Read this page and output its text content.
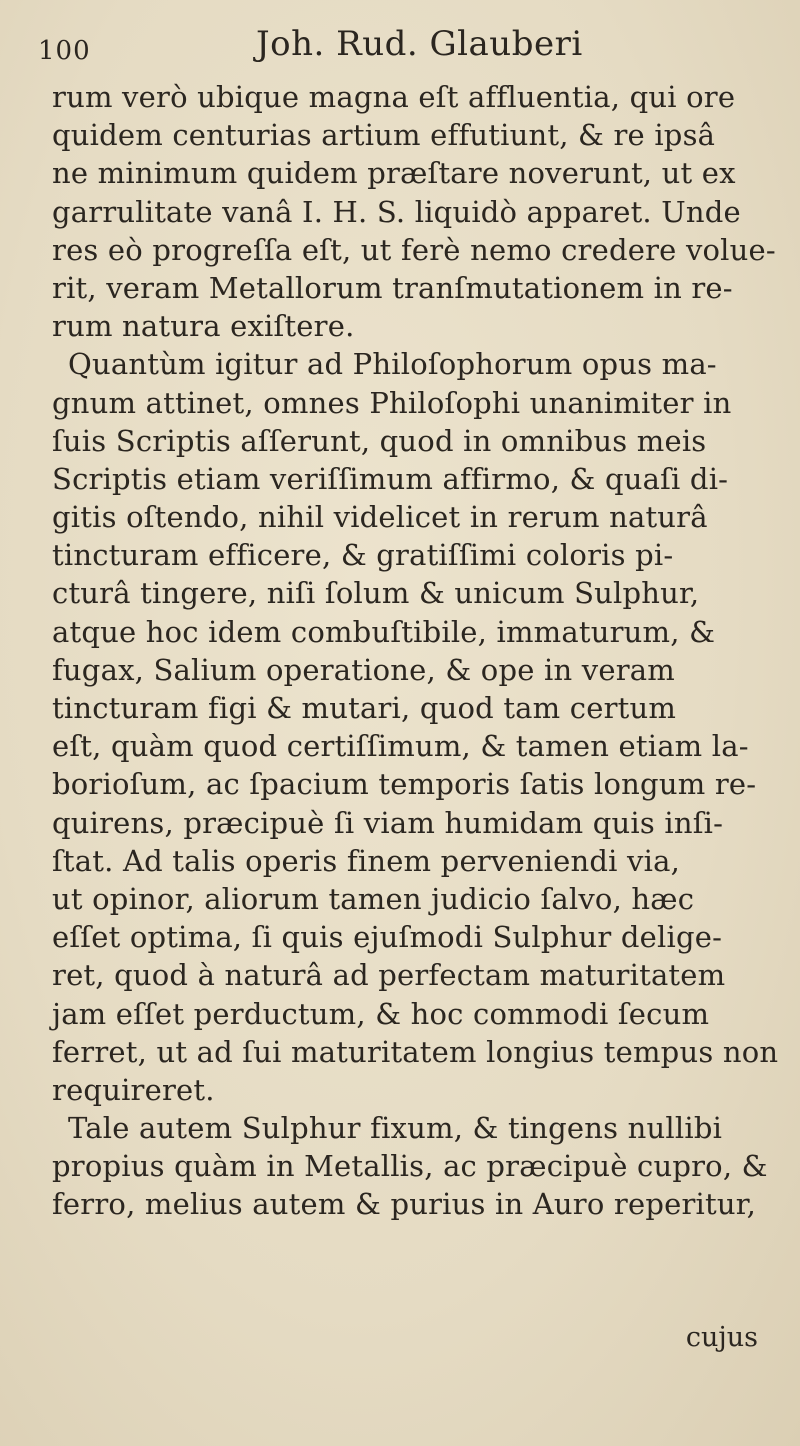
100	Joh. Rud. Glauberi
rum verò ubique magna eſt affluentia, qui ore
quidem centurias artium effutiunt, & re ipsâ
ne minimum quidem præſtare noverunt, ut ex
garrulitate vanâ I. H. S. liquidò apparet. Unde
res eò progreſſa eſt, ut ferè nemo credere volue-
rit, veram Metallorum tranſmutationem in re-
rum natura exiſtere.
Quantùm igitur ad Philoſophorum opus ma-
gnum attinet, omnes Philoſophi unanimiter in
ſuis Scriptis aſſerunt, quod in omnibus meis
Scriptis etiam veriſſimum affirmo, & quaſi di-
gitis oſtendo, nihil videlicet in rerum naturâ
tincturam efficere, & gratiſſimi coloris pi-
cturâ tingere, niſi ſolum & unicum Sulphur,
atque hoc idem combuſtibile, immaturum, &
fugax, Salium operatione, & ope in veram
tincturam figi & mutari, quod tam certum
eſt, quàm quod certiſſimum, & tamen etiam la-
borioſum, ac ſpacium temporis ſatis longum re-
quirens, præcipuè ſi viam humidam quis inſi-
ſtat. Ad talis operis finem perveniendi via,
ut opinor, aliorum tamen judicio ſalvo, hæc
eſſet optima, ſi quis ejuſmodi Sulphur delige-
ret, quod à naturâ ad perfectam maturitatem
jam eſſet perductum, & hoc commodi ſecum
ferret, ut ad ſui maturitatem longius tempus non
requireret.
Tale autem Sulphur fixum, & tingens nullibi
propius quàm in Metallis, ac præcipuè cupro, &
ferro, melius autem & purius in Auro reperitur,
cujus
